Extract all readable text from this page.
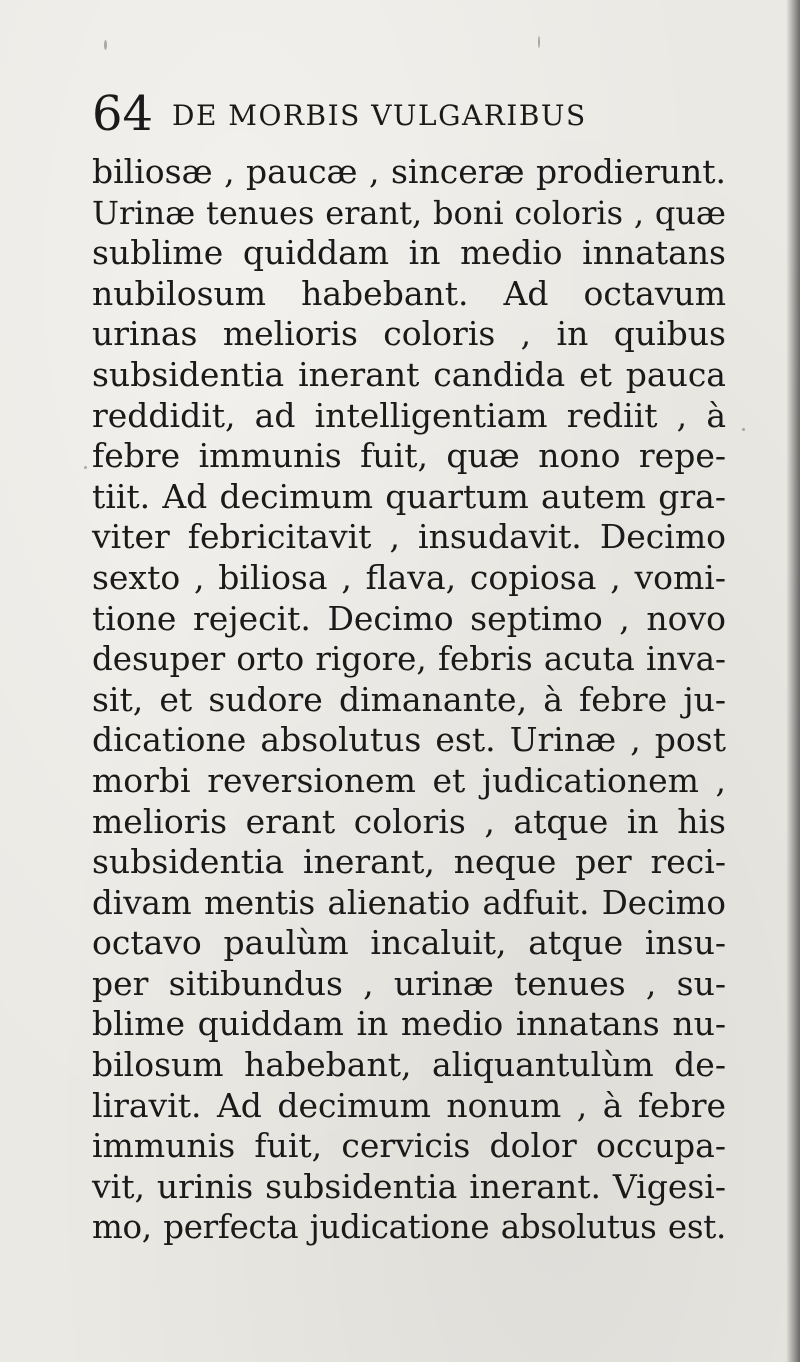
64 DE MORBIS VULGARIBUS
biliosæ , paucæ , sinceræ prodierunt.
Urinæ tenues erant, boni coloris , quæ
sublime quiddam in medio innatans
nubilosum habebant. Ad octavum
urinas melioris coloris , in quibus
subsidentia inerant candida et pauca
reddidit, ad intelligentiam rediit , à
febre immunis fuit, quæ nono repe-
tiit. Ad decimum quartum autem gra-
viter febricitavit , insudavit. Decimo
sexto , biliosa , flava, copiosa , vomi-
tione rejecit. Decimo septimo , novo
desuper orto rigore, febris acuta inva-
sit, et sudore dimanante, à febre ju-
dicatione absolutus est. Urinæ , post
morbi reversionem et judicationem ,
melioris erant coloris , atque in his
subsidentia inerant, neque per reci-
divam mentis alienatio adfuit. Decimo
octavo paulùm incaluit, atque insu-
per sitibundus , urinæ tenues , su-
blime quiddam in medio innatans nu-
bilosum habebant, aliquantulùm de-
liravit. Ad decimum nonum , à febre
immunis fuit, cervicis dolor occupa-
vit, urinis subsidentia inerant. Vigesi-
mo, perfecta judicatione absolutus est.
